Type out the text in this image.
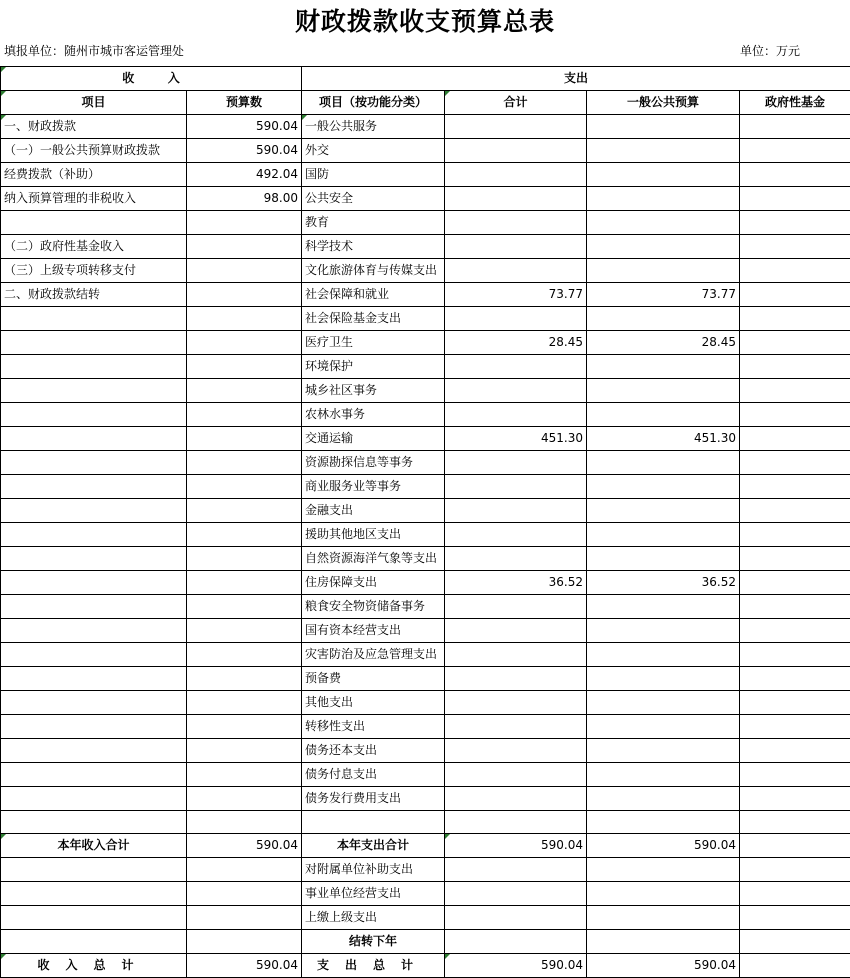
财政拨款收支预算总表
填报单位：随州市城市客运管理处	单位：万元
收        入		支出			
项目	预算数	项目（按功能分类）	合计	一般公共预算	政府性基金
一、财政拨款	590.04	一般公共服务			
（一）一般公共预算财政拨款	590.04	外交			
经费拨款（补助）	492.04	国防			
纳入预算管理的非税收入	98.00	公共安全			
		教育			
（二）政府性基金收入		科学技术			
（三）上级专项转移支付		文化旅游体育与传媒支出			
二、财政拨款结转		社会保障和就业	73.77	73.77	
		社会保险基金支出			
		医疗卫生	28.45	28.45	
		环境保护			
		城乡社区事务			
		农林水事务			
		交通运输	451.30	451.30	
		资源勘探信息等事务			
		商业服务业等事务			
		金融支出			
		援助其他地区支出			
		自然资源海洋气象等支出			
		住房保障支出	36.52	36.52	
		粮食安全物资储备事务			
		国有资本经营支出			
		灾害防治及应急管理支出			
		预备费			
		其他支出			
		转移性支出			
		债务还本支出			
		债务付息支出			
		债务发行费用支出			

本年收入合计	590.04	本年支出合计	590.04	590.04	
		对附属单位补助支出			
		事业单位经营支出			
		上缴上级支出			
		结转下年			
收入总计	590.04	支出总计	590.04	590.04	
